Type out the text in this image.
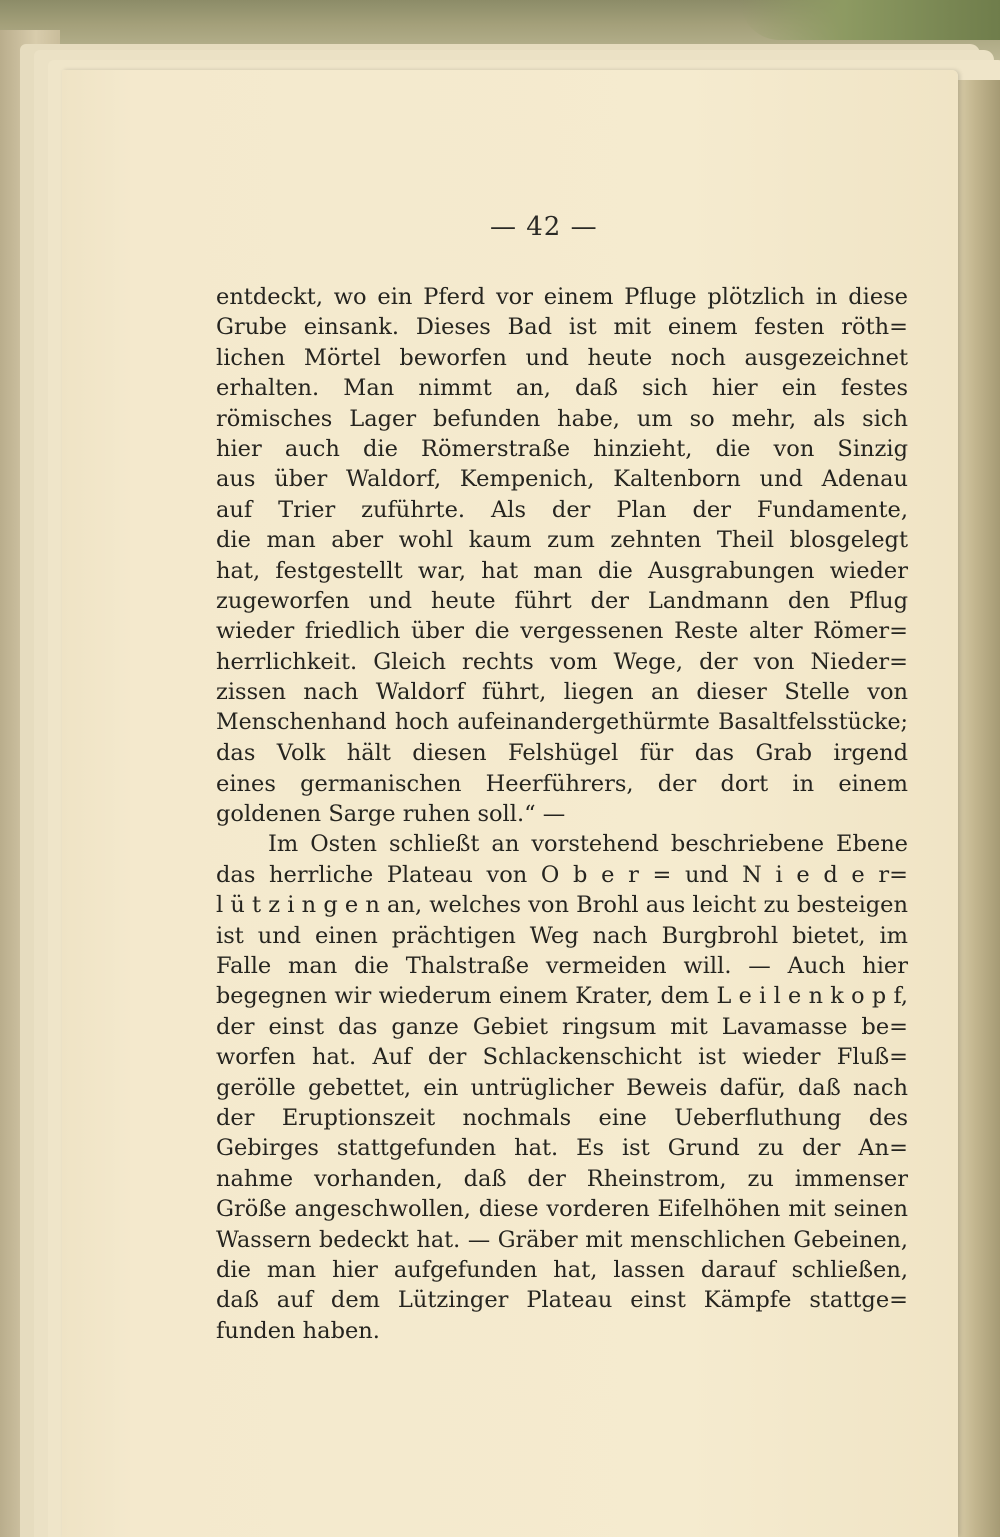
— 42 —
entdeckt, wo ein Pferd vor einem Pfluge plötzlich in diese
Grube einsank. Dieses Bad ist mit einem festen röth=
lichen Mörtel beworfen und heute noch ausgezeichnet
erhalten. Man nimmt an, daß sich hier ein festes
römisches Lager befunden habe, um so mehr, als sich
hier auch die Römerstraße hinzieht, die von Sinzig
aus über Waldorf, Kempenich, Kaltenborn und Adenau
auf Trier zuführte. Als der Plan der Fundamente,
die man aber wohl kaum zum zehnten Theil blosgelegt
hat, festgestellt war, hat man die Ausgrabungen wieder
zugeworfen und heute führt der Landmann den Pflug
wieder friedlich über die vergessenen Reste alter Römer=
herrlichkeit. Gleich rechts vom Wege, der von Nieder=
zissen nach Waldorf führt, liegen an dieser Stelle von
Menschenhand hoch aufeinandergethürmte Basaltfelsstücke;
das Volk hält diesen Felshügel für das Grab irgend
eines germanischen Heerführers, der dort in einem
goldenen Sarge ruhen soll.“ —
Im Osten schließt an vorstehend beschriebene Ebene
das herrliche Plateau von O b e r = und N i e d e r=
l ü t z i n g e n an, welches von Brohl aus leicht zu besteigen
ist und einen prächtigen Weg nach Burgbrohl bietet, im
Falle man die Thalstraße vermeiden will. — Auch hier
begegnen wir wiederum einem Krater, dem L e i l e n k o p f,
der einst das ganze Gebiet ringsum mit Lavamasse be=
worfen hat. Auf der Schlackenschicht ist wieder Fluß=
gerölle gebettet, ein untrüglicher Beweis dafür, daß nach
der Eruptionszeit nochmals eine Ueberfluthung des
Gebirges stattgefunden hat. Es ist Grund zu der An=
nahme vorhanden, daß der Rheinstrom, zu immenser
Größe angeschwollen, diese vorderen Eifelhöhen mit seinen
Wassern bedeckt hat. — Gräber mit menschlichen Gebeinen,
die man hier aufgefunden hat, lassen darauf schließen,
daß auf dem Lützinger Plateau einst Kämpfe stattge=
funden haben.
